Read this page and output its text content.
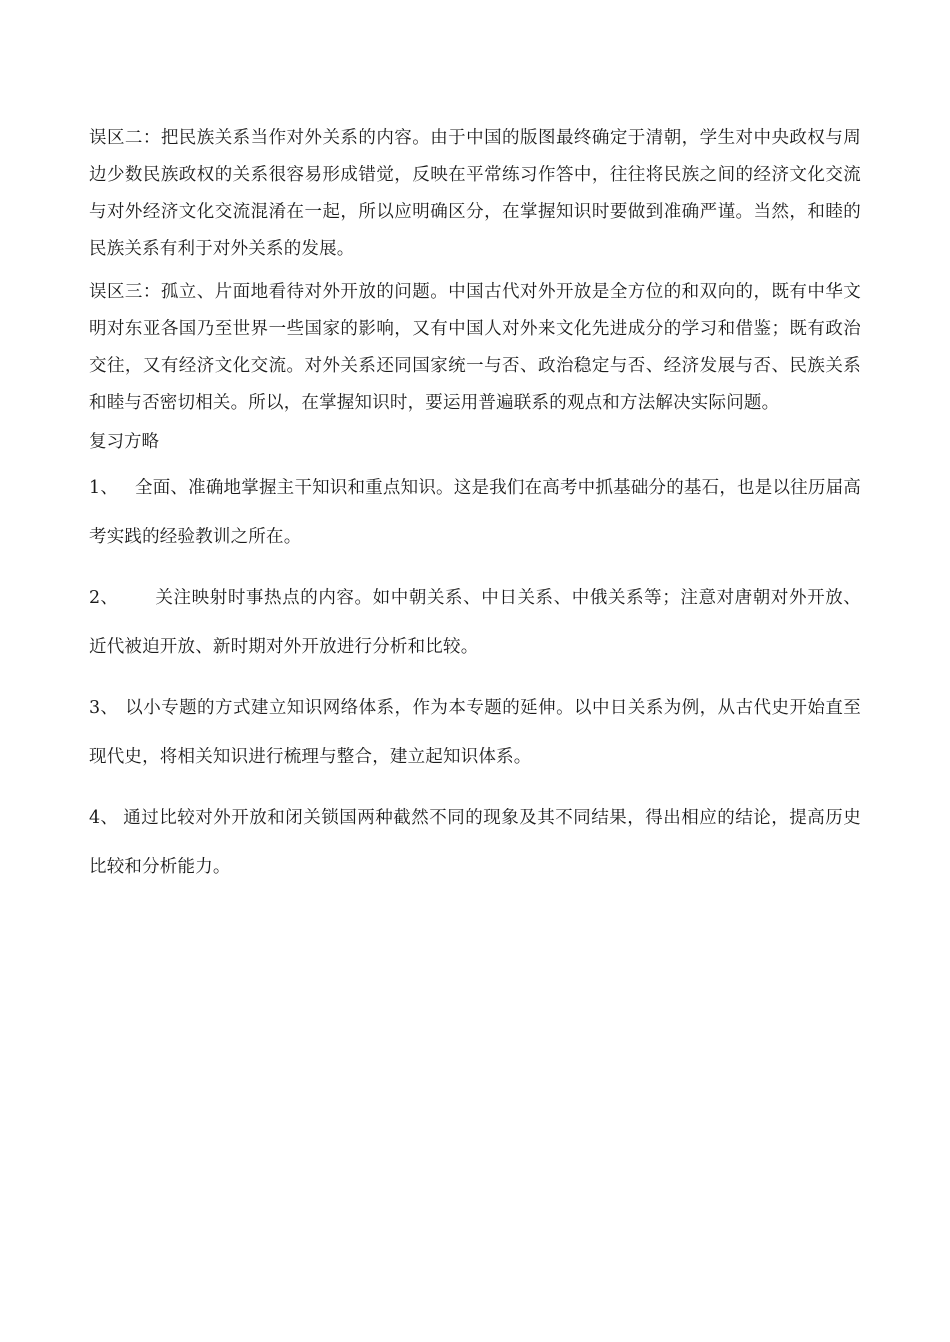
误区二：把民族关系当作对外关系的内容。由于中国的版图最终确定于清朝，学生对中央政权与周边少数民族政权的关系很容易形成错觉，反映在平常练习作答中，往往将民族之间的经济文化交流与对外经济文化交流混淆在一起，所以应明确区分，在掌握知识时要做到准确严谨。当然，和睦的民族关系有利于对外关系的发展。

误区三：孤立、片面地看待对外开放的问题。中国古代对外开放是全方位的和双向的，既有中华文明对东亚各国乃至世界一些国家的影响，又有中国人对外来文化先进成分的学习和借鉴；既有政治交往，又有经济文化交流。对外关系还同国家统一与否、政治稳定与否、经济发展与否、民族关系和睦与否密切相关。所以，在掌握知识时，要运用普遍联系的观点和方法解决实际问题。

复习方略

1、 全面、准确地掌握主干知识和重点知识。这是我们在高考中抓基础分的基石，也是以往历届高考实践的经验教训之所在。

2、 关注映射时事热点的内容。如中朝关系、中日关系、中俄关系等；注意对唐朝对外开放、近代被迫开放、新时期对外开放进行分析和比较。

3、 以小专题的方式建立知识网络体系，作为本专题的延伸。以中日关系为例，从古代史开始直至现代史，将相关知识进行梳理与整合，建立起知识体系。

4、 通过比较对外开放和闭关锁国两种截然不同的现象及其不同结果，得出相应的结论，提高历史比较和分析能力。
